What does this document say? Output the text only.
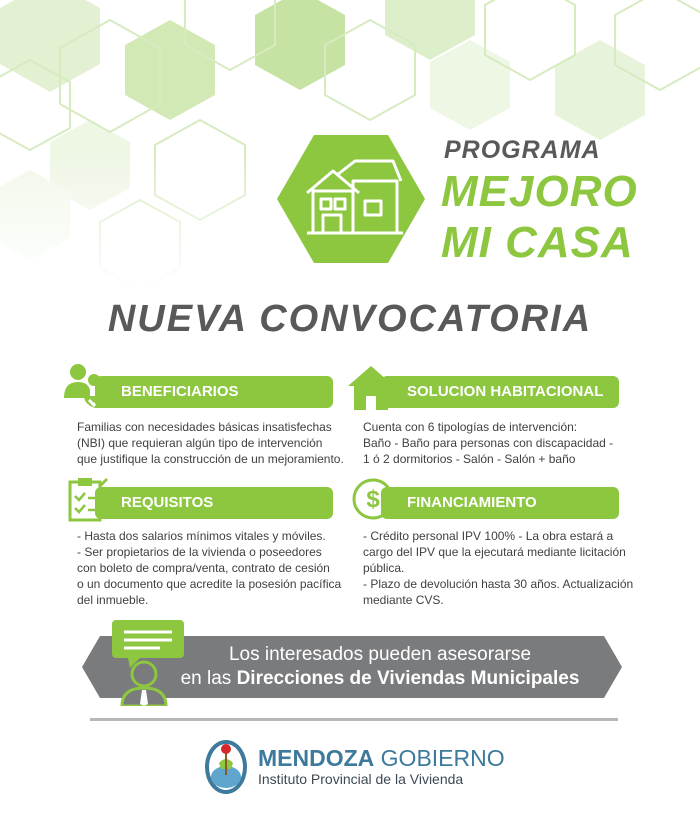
PROGRAMA
MEJORO
MI CASA
NUEVA CONVOCATORIA
BENEFICIARIOS
Familias con necesidades básicas insatisfechas
(NBI) que requieran algún tipo de intervención
que justifique la construcción de un mejoramiento.
SOLUCION HABITACIONAL
Cuenta con 6 tipologías de intervención:
Baño - Baño para personas con discapacidad -
1 ó 2 dormitorios - Salón - Salón + baño
REQUISITOS
- Hasta dos salarios mínimos vitales y móviles.
- Ser propietarios de la vivienda o poseedores
con boleto de compra/venta, contrato de cesión
o un documento que acredite la posesión pacífica
del inmueble.
$	FINANCIAMIENTO
- Crédito personal IPV 100% - La obra estará a
cargo del IPV que la ejecutará mediante licitación
pública.
- Plazo de devolución hasta 30 años. Actualización
mediante CVS.
Los interesados pueden asesorarse
en las Direcciones de Viviendas Municipales
MENDOZA GOBIERNO
Instituto Provincial de la Vivienda
